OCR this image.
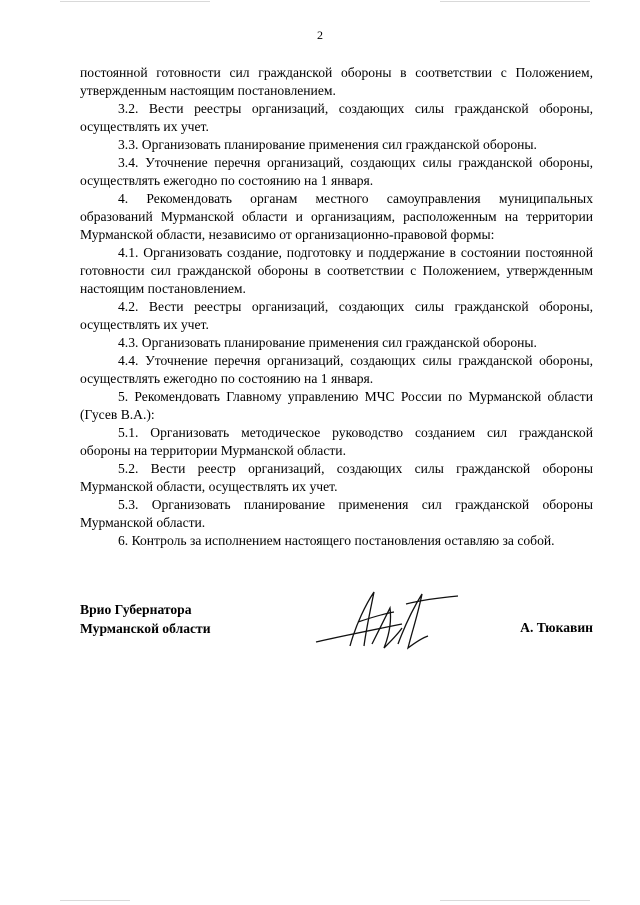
2

постоянной готовности сил гражданской обороны в соответствии с Положением, утвержденным настоящим постановлением.

3.2. Вести реестры организаций, создающих силы гражданской обороны, осуществлять их учет.

3.3. Организовать планирование применения сил гражданской обороны.

3.4. Уточнение перечня организаций, создающих силы гражданской обороны, осуществлять ежегодно по состоянию на 1 января.

4. Рекомендовать органам местного самоуправления муниципальных образований Мурманской области и организациям, расположенным на территории Мурманской области, независимо от организационно-правовой формы:

4.1. Организовать создание, подготовку и поддержание в состоянии постоянной готовности сил гражданской обороны в соответствии с Положением, утвержденным настоящим постановлением.

4.2. Вести реестры организаций, создающих силы гражданской обороны, осуществлять их учет.

4.3. Организовать планирование применения сил гражданской обороны.

4.4. Уточнение перечня организаций, создающих силы гражданской обороны, осуществлять ежегодно по состоянию на 1 января.

5. Рекомендовать Главному управлению МЧС России по Мурманской области (Гусев В.А.):

5.1. Организовать методическое руководство созданием сил гражданской обороны на территории Мурманской области.

5.2. Вести реестр организаций, создающих силы гражданской обороны Мурманской области, осуществлять их учет.

5.3. Организовать планирование применения сил гражданской обороны Мурманской области.

6. Контроль за исполнением настоящего постановления оставляю за собой.

Врио Губернатора
Мурманской области	А. Тюкавин
